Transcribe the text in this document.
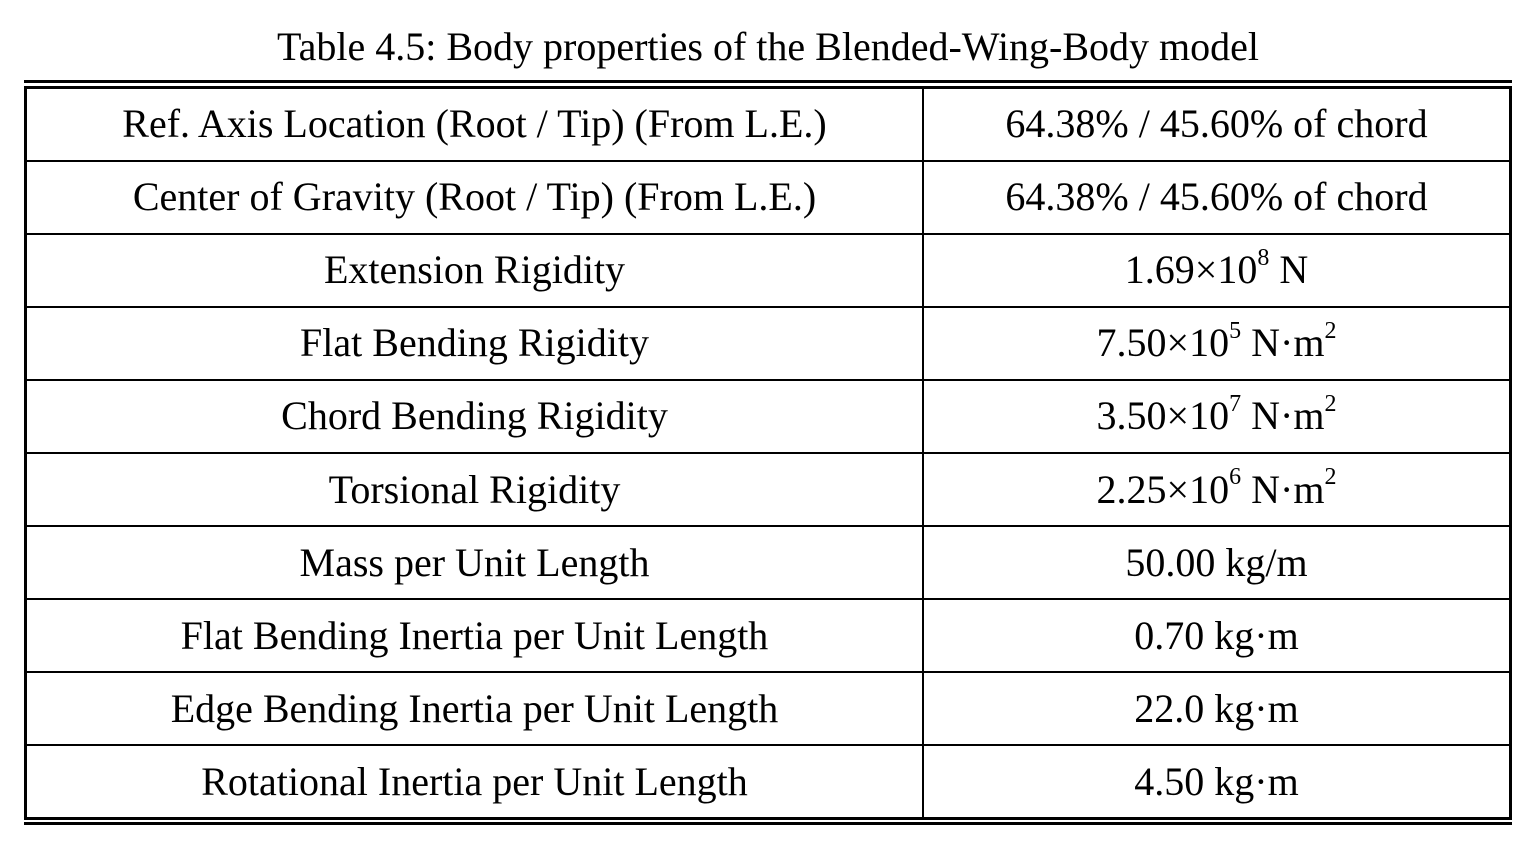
Table 4.5: Body properties of the Blended-Wing-Body model
Ref. Axis Location (Root / Tip) (From L.E.)	64.38% / 45.60% of chord
Center of Gravity (Root / Tip) (From L.E.)	64.38% / 45.60% of chord
Extension Rigidity	$1.69\times 10^8$ N
Flat Bending Rigidity	$7.50\times 10^5$ $N\cdot m^2$
Chord Bending Rigidity	$3.50\times 10^7$ $N\cdot m^2$
Torsional Rigidity	$2.25\times 10^6$ $N\cdot m^2$
Mass per Unit Length	50.00 kg/m
Flat Bending Inertia per Unit Length	0.70 kg·m
Edge Bending Inertia per Unit Length	22.0 kg·m
Rotational Inertia per Unit Length	4.50 kg·m
